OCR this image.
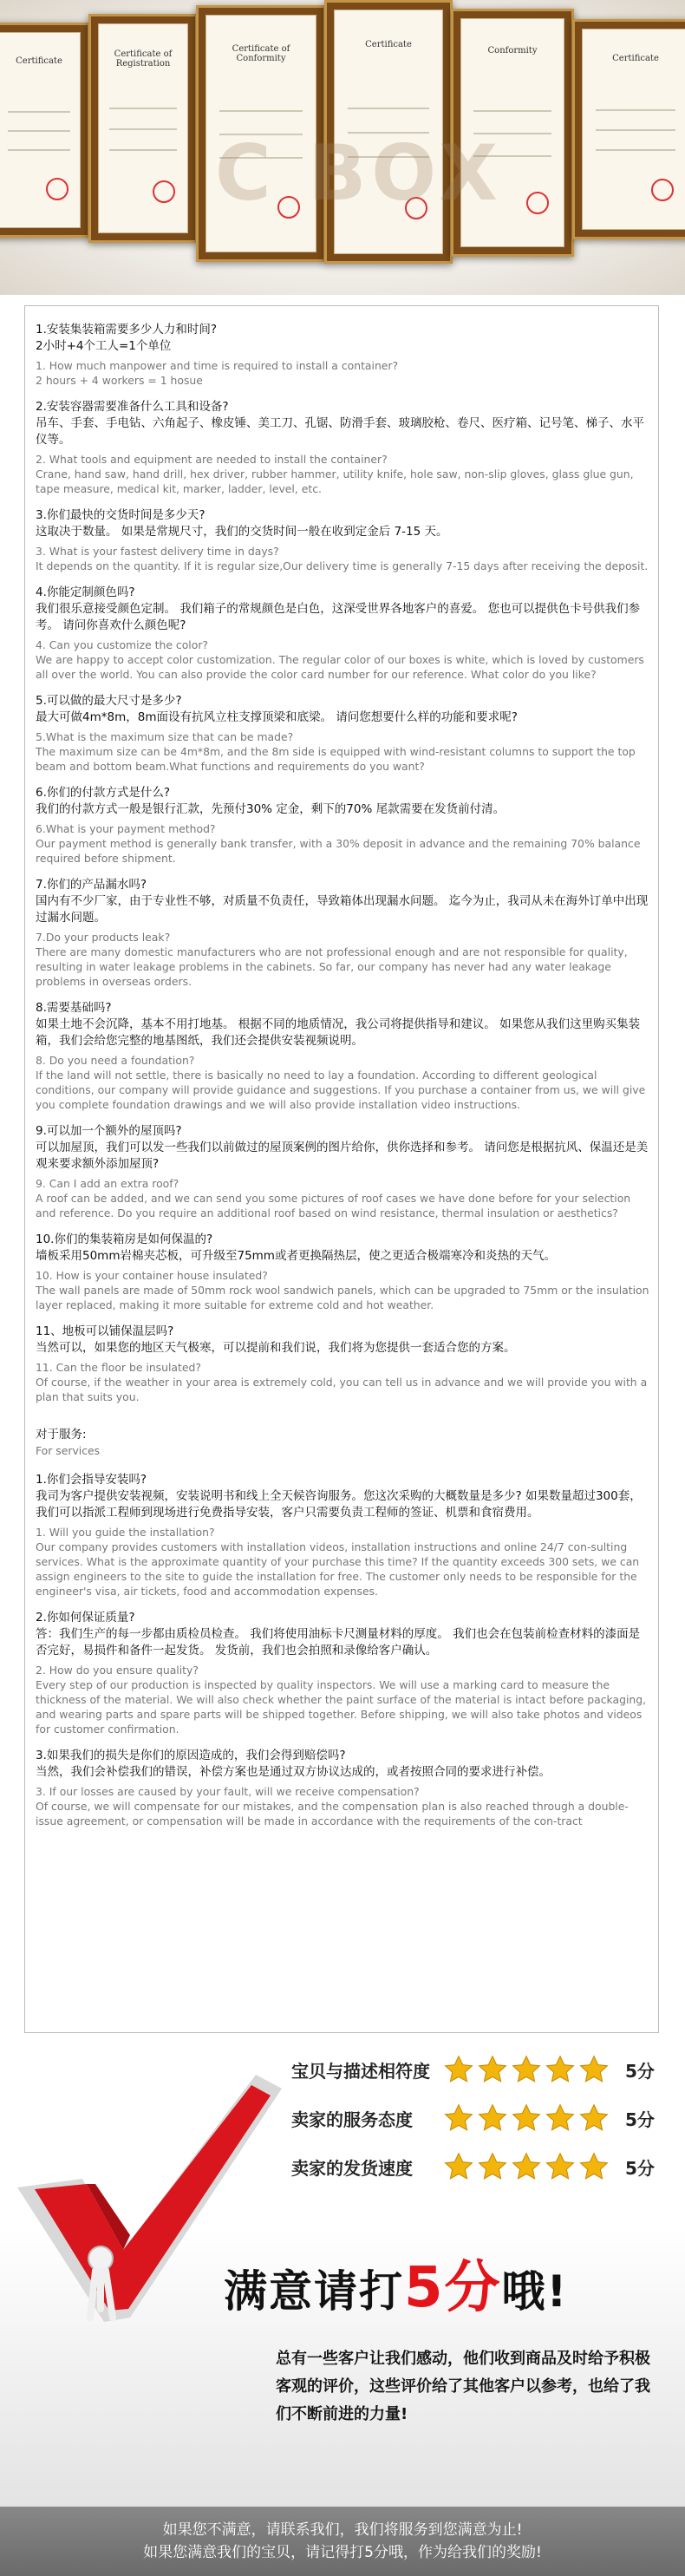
Certificate
Certificate of Registration
Certificate of Conformity
Certificate
Conformity
Certificate
C BOX
1.安装集装箱需要多少人力和时间?
2小时+4个工人=1个单位
1. How much manpower and time is required to install a container?
2 hours + 4 workers = 1 hosue
2.安装容器需要准备什么工具和设备?
吊车、手套、手电钻、六角起子、橡皮锤、美工刀、孔锯、防滑手套、玻璃胶枪、卷尺、医疗箱、记号笔、梯子、水平仪等。
2. What tools and equipment are needed to install the container?
Crane, hand saw, hand drill, hex driver, rubber hammer, utility knife, hole saw, non-slip gloves, glass glue gun, tape measure, medical kit, marker, ladder, level, etc.
3.你们最快的交货时间是多少天?
这取决于数量。 如果是常规尺寸，我们的交货时间一般在收到定金后 7-15 天。
3. What is your fastest delivery time in days?
It depends on the quantity. If it is regular size,Our delivery time is generally 7-15 days after receiving the deposit.
4.你能定制颜色吗?
我们很乐意接受颜色定制。 我们箱子的常规颜色是白色，这深受世界各地客户的喜爱。 您也可以提供色卡号供我们参考。 请问你喜欢什么颜色呢?
4. Can you customize the color?
We are happy to accept color customization. The regular color of our boxes is white, which is loved by customers all over the world. You can also provide the color card number for our reference. What color do you like?
5.可以做的最大尺寸是多少?
最大可做4m*8m，8m面设有抗风立柱支撑顶梁和底梁。 请问您想要什么样的功能和要求呢?
5.What is the maximum size that can be made?
The maximum size can be 4m*8m, and the 8m side is equipped with wind-resistant columns to support the top beam and bottom beam.What functions and requirements do you want?
6.你们的付款方式是什么?
我们的付款方式一般是银行汇款，先预付30% 定金，剩下的70% 尾款需要在发货前付清。
6.What is your payment method?
Our payment method is generally bank transfer, with a 30% deposit in advance and the remaining 70% balance required before shipment.
7.你们的产品漏水吗?
国内有不少厂家，由于专业性不够，对质量不负责任，导致箱体出现漏水问题。 迄今为止，我司从未在海外订单中出现过漏水问题。
7.Do your products leak?
There are many domestic manufacturers who are not professional enough and are not responsible for quality, resulting in water leakage problems in the cabinets. So far, our company has never had any water leakage problems in overseas orders.
8.需要基础吗?
如果土地不会沉降，基本不用打地基。 根据不同的地质情况，我公司将提供指导和建议。 如果您从我们这里购买集装箱，我们会给您完整的地基图纸，我们还会提供安装视频说明。
8. Do you need a foundation?
If the land will not settle, there is basically no need to lay a foundation. According to different geological conditions, our company will provide guidance and suggestions. If you purchase a container from us, we will give you complete foundation drawings and we will also provide installation video instructions.
9.可以加一个额外的屋顶吗?
可以加屋顶，我们可以发一些我们以前做过的屋顶案例的图片给你，供你选择和参考。 请问您是根据抗风、保温还是美观来要求额外添加屋顶?
9. Can I add an extra roof?
A roof can be added, and we can send you some pictures of roof cases we have done before for your selection and reference. Do you require an additional roof based on wind resistance, thermal insulation or aesthetics?
10.你们的集装箱房是如何保温的?
墙板采用50mm岩棉夹芯板，可升级至75mm或者更换隔热层，使之更适合极端寒冷和炎热的天气。
10. How is your container house insulated?
The wall panels are made of 50mm rock wool sandwich panels, which can be upgraded to 75mm or the insulation layer replaced, making it more suitable for extreme cold and hot weather.
11、地板可以铺保温层吗?
当然可以，如果您的地区天气极寒，可以提前和我们说，我们将为您提供一套适合您的方案。
11. Can the floor be insulated?
Of course, if the weather in your area is extremely cold, you can tell us in advance and we will provide you with a plan that suits you.
对于服务:
For services
1.你们会指导安装吗?
我司为客户提供安装视频，安装说明书和线上全天候咨询服务。您这次采购的大概数量是多少? 如果数量超过300套，我们可以指派工程师到现场进行免费指导安装，客户只需要负责工程师的签证、机票和食宿费用。
1. Will you guide the installation?
Our company provides customers with installation videos, installation instructions and online 24/7 con-sulting services. What is the approximate quantity of your purchase this time? If the quantity exceeds 300 sets, we can assign engineers to the site to guide the installation for free. The customer only needs to be responsible for the engineer's visa, air tickets, food and accommodation expenses.
2.你如何保证质量?
答：我们生产的每一步都由质检员检查。 我们将使用油标卡尺测量材料的厚度。 我们也会在包装前检查材料的漆面是否完好，易损件和备件一起发货。 发货前，我们也会拍照和录像给客户确认。
2. How do you ensure quality?
Every step of our production is inspected by quality inspectors. We will use a marking card to measure the thickness of the material. We will also check whether the paint surface of the material is intact before packaging, and wearing parts and spare parts will be shipped together. Before shipping, we will also take photos and videos for customer confirmation.
3.如果我们的损失是你们的原因造成的，我们会得到赔偿吗?
当然，我们会补偿我们的错误，补偿方案也是通过双方协议达成的，或者按照合同的要求进行补偿。
3. If our losses are caused by your fault, will we receive compensation?
Of course, we will compensate for our mistakes, and the compensation plan is also reached through a double-issue agreement, or compensation will be made in accordance with the requirements of the con-tract
宝贝与描述相符度	5分
卖家的服务态度	5分
卖家的发货速度	5分
满意请打5分哦!
总有一些客户让我们感动，他们收到商品及时给予积极客观的评价，这些评价给了其他客户以参考，也给了我们不断前进的力量!

如果您不满意，请联系我们，我们将服务到您满意为止!

如果您满意我们的宝贝，请记得打5分哦，作为给我们的奖励!
